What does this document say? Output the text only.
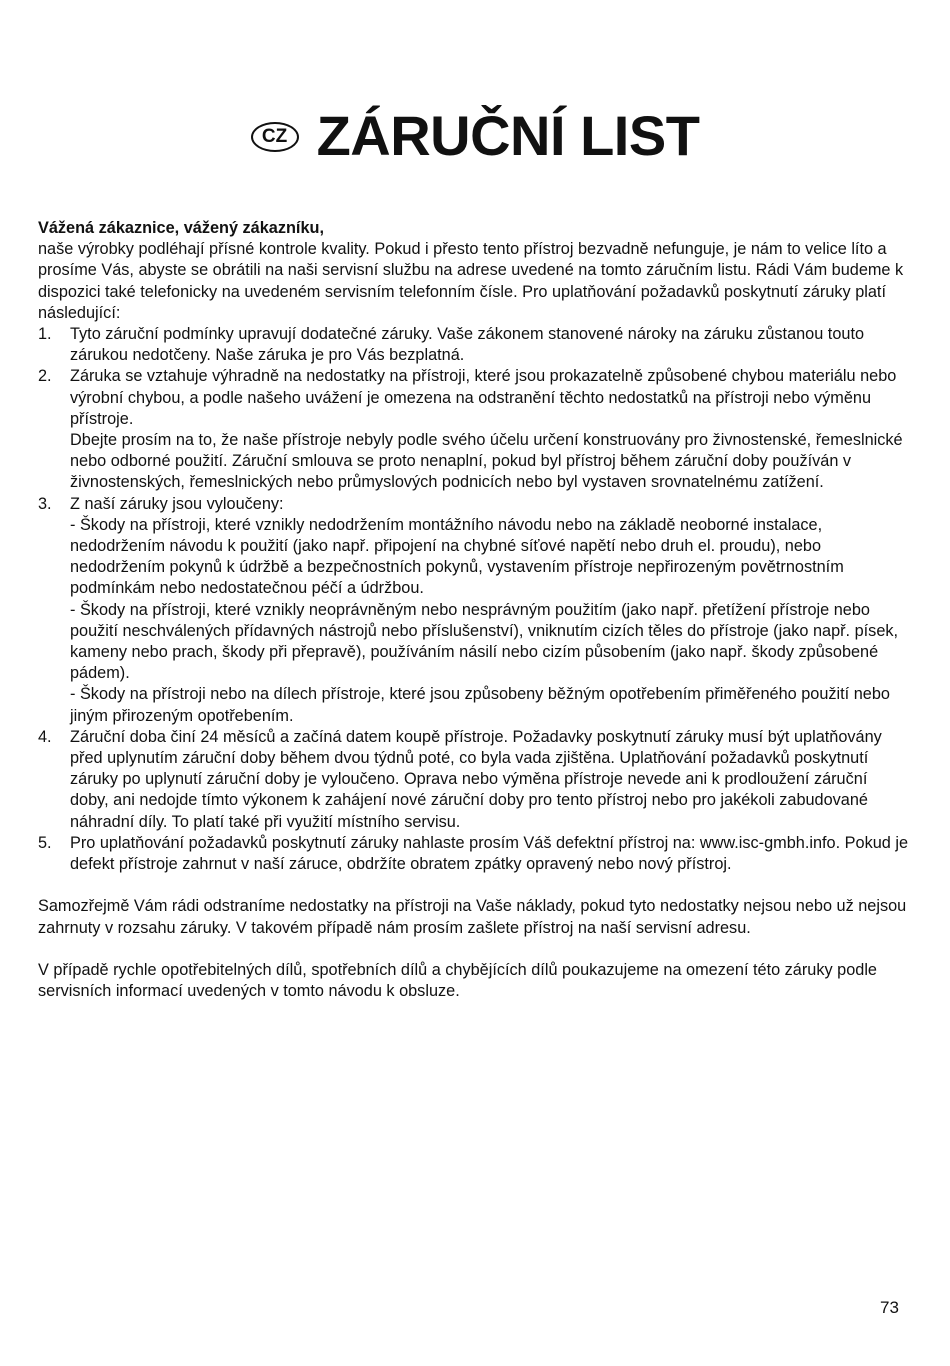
CZ ZÁRUČNÍ LIST

Vážená zákaznice, vážený zákazníku,

naše výrobky podléhají přísné kontrole kvality. Pokud i přesto tento přístroj bezvadně nefunguje, je nám to velice líto a prosíme Vás, abyste se obrátili na naši servisní službu na adrese uvedené na tomto záručním listu. Rádi Vám budeme k dispozici také telefonicky na uvedeném servisním telefonním čísle. Pro uplatňování požadavků poskytnutí záruky platí následující:

1. Tyto záruční podmínky upravují dodatečné záruky. Vaše zákonem stanovené nároky na záruku zůstanou touto zárukou nedotčeny. Naše záruka je pro Vás bezplatná.
2. Záruka se vztahuje výhradně na nedostatky na přístroji, které jsou prokazatelně způsobené chybou materiálu nebo výrobní chybou, a podle našeho uvážení je omezena na odstranění těchto nedostatků na přístroji nebo výměnu přístroje.
Dbejte prosím na to, že naše přístroje nebyly podle svého účelu určení konstruovány pro živnostenské, řemeslnické nebo odborné použití. Záruční smlouva se proto nenaplní, pokud byl přístroj během záruční doby používán v živnostenských, řemeslnických nebo průmyslových podnicích nebo byl vystaven srovnatelnému zatížení.
3. Z naší záruky jsou vyloučeny:
- Škody na přístroji, které vznikly nedodržením montážního návodu nebo na základě neoborné instalace, nedodržením návodu k použití (jako např. připojení na chybné síťové napětí nebo druh el. proudu), nebo nedodržením pokynů k údržbě a bezpečnostních pokynů, vystavením přístroje nepřirozeným povětrnostním podmínkám nebo nedostatečnou péčí a údržbou.
- Škody na přístroji, které vznikly neoprávněným nebo nesprávným použitím (jako např. přetížení přístroje nebo použití neschválených přídavných nástrojů nebo příslušenství), vniknutím cizích těles do přístroje (jako např. písek, kameny nebo prach, škody při přepravě), používáním násilí nebo cizím působením (jako např. škody způsobené pádem).
- Škody na přístroji nebo na dílech přístroje, které jsou způsobeny běžným opotřebením přiměřeného použití nebo jiným přirozeným opotřebením.
4. Záruční doba činí 24 měsíců a začíná datem koupě přístroje. Požadavky poskytnutí záruky musí být uplatňovány před uplynutím záruční doby během dvou týdnů poté, co byla vada zjištěna. Uplatňování požadavků poskytnutí záruky po uplynutí záruční doby je vyloučeno. Oprava nebo výměna přístroje nevede ani k prodloužení záruční doby, ani nedojde tímto výkonem k zahájení nové záruční doby pro tento přístroj nebo pro jakékoli zabudované náhradní díly. To platí také při využití místního servisu.
5. Pro uplatňování požadavků poskytnutí záruky nahlaste prosím Váš defektní přístroj na: www.isc-gmbh.info. Pokud je defekt přístroje zahrnut v naší záruce, obdržíte obratem zpátky opravený nebo nový přístroj.

Samozřejmě Vám rádi odstraníme nedostatky na přístroji na Vaše náklady, pokud tyto nedostatky nejsou nebo už nejsou zahrnuty v rozsahu záruky. V takovém případě nám prosím zašlete přístroj na naší servisní adresu.

V případě rychle opotřebitelných dílů, spotřebních dílů a chybějících dílů poukazujeme na omezení této záruky podle servisních informací uvedených v tomto návodu k obsluze.

73
